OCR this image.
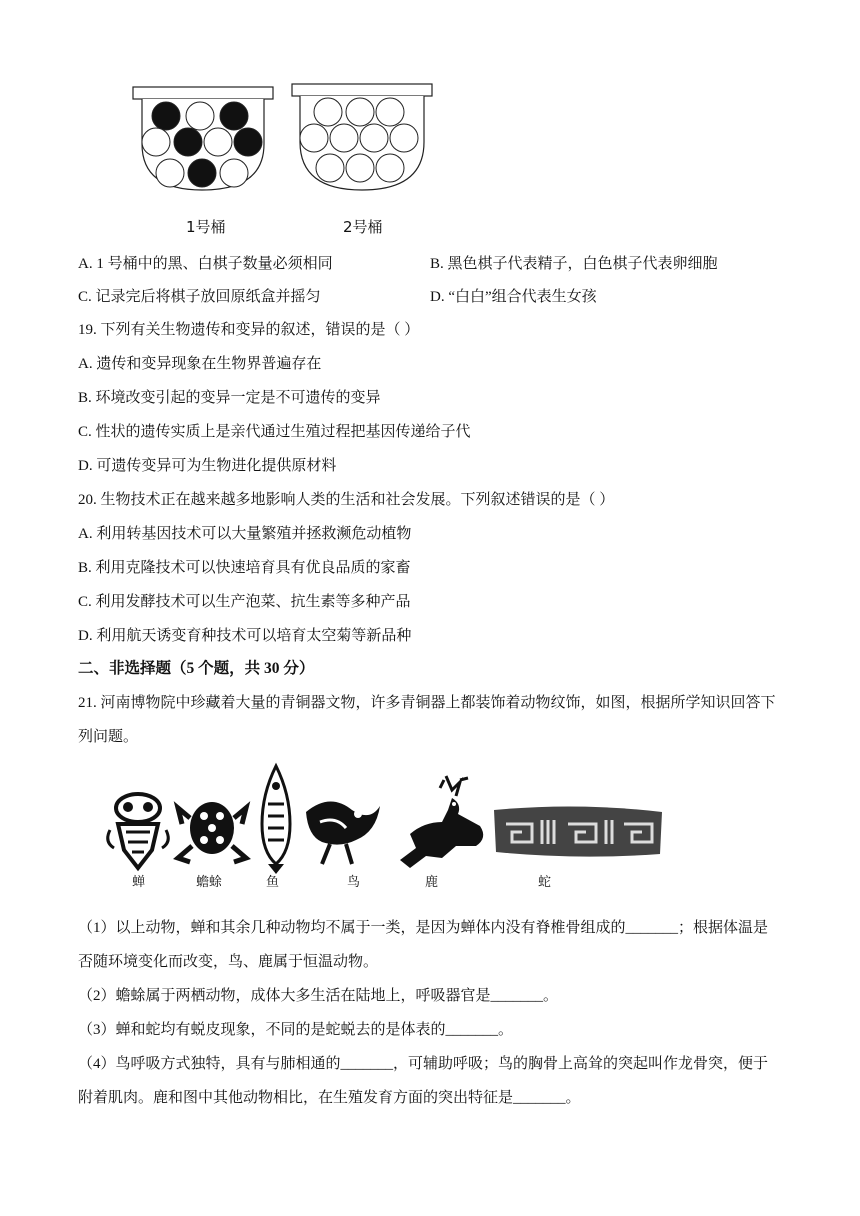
1号桶	2号桶
A. 1 号桶中的黑、白棋子数量必须相同	B. 黑色棋子代表精子，白色棋子代表卵细胞
C. 记录完后将棋子放回原纸盒并摇匀	D. “白白”组合代表生女孩
19. 下列有关生物遗传和变异的叙述，错误的是（ ）
A. 遗传和变异现象在生物界普遍存在
B. 环境改变引起的变异一定是不可遗传的变异
C. 性状的遗传实质上是亲代通过生殖过程把基因传递给子代
D. 可遗传变异可为生物进化提供原材料
20. 生物技术正在越来越多地影响人类的生活和社会发展。下列叙述错误的是（ ）
A. 利用转基因技术可以大量繁殖并拯救濒危动植物
B. 利用克隆技术可以快速培育具有优良品质的家畜
C. 利用发酵技术可以生产泡菜、抗生素等多种产品
D. 利用航天诱变育种技术可以培育太空菊等新品种
二、非选择题（5 个题，共 30 分）
21. 河南博物院中珍藏着大量的青铜器文物，许多青铜器上都装饰着动物纹饰，如图，根据所学知识回答下
列问题。
蝉	蟾蜍	鱼	鸟	鹿	蛇
（1）以上动物，蝉和其余几种动物均不属于一类，是因为蝉体内没有脊椎骨组成的_______；根据体温是
否随环境变化而改变，鸟、鹿属于恒温动物。
（2）蟾蜍属于两栖动物，成体大多生活在陆地上，呼吸器官是_______。
（3）蝉和蛇均有蜕皮现象，不同的是蛇蜕去的是体表的_______。
（4）鸟呼吸方式独特，具有与肺相通的_______，可辅助呼吸；鸟的胸骨上高耸的突起叫作龙骨突，便于
附着肌肉。鹿和图中其他动物相比，在生殖发育方面的突出特征是_______。
